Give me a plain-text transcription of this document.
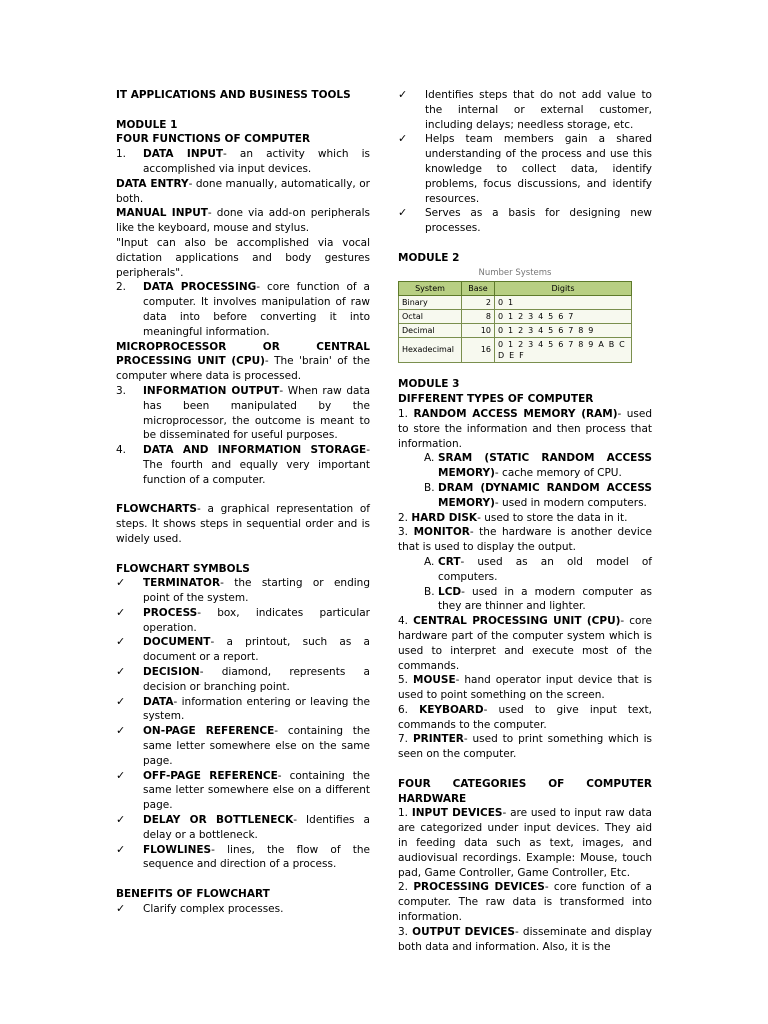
IT APPLICATIONS AND BUSINESS TOOLS

MODULE 1

FOUR FUNCTIONS OF COMPUTER

1.	DATA INPUT- an activity which is accomplished via input devices.

DATA ENTRY- done manually, automatically, or both.

MANUAL INPUT- done via add-on peripherals like the keyboard, mouse and stylus.

"Input can also be accomplished via vocal dictation applications and body gestures peripherals".

2.	DATA PROCESSING- core function of a computer. It involves manipulation of raw data into before converting it into meaningful information.

MICROPROCESSOR OR CENTRAL PROCESSING UNIT (CPU)- The 'brain' of the computer where data is processed.

3.	INFORMATION OUTPUT- When raw data has been manipulated by the microprocessor, the outcome is meant to be disseminated for useful purposes.
4.	DATA AND INFORMATION STORAGE- The fourth and equally very important function of a computer.

FLOWCHARTS- a graphical representation of steps. It shows steps in sequential order and is widely used.

FLOWCHART SYMBOLS

✓	TERMINATOR- the starting or ending point of the system.
✓	PROCESS- box, indicates particular operation.
✓	DOCUMENT- a printout, such as a document or a report.
✓	DECISION- diamond, represents a decision or branching point.
✓	DATA- information entering or leaving the system.
✓	ON-PAGE REFERENCE- containing the same letter somewhere else on the same page.
✓	OFF-PAGE REFERENCE- containing the same letter somewhere else on a different page.
✓	DELAY OR BOTTLENECK- Identifies a delay or a bottleneck.
✓	FLOWLINES- lines, the flow of the sequence and direction of a process.

BENEFITS OF FLOWCHART

✓	Clarify complex processes.
✓	Identifies steps that do not add value to the internal or external customer, including delays; needless storage, etc.
✓	Helps team members gain a shared understanding of the process and use this knowledge to collect data, identify problems, focus discussions, and identify resources.
✓	Serves as a basis for designing new processes.

MODULE 2

Number Systems
System	Base	Digits
Binary	2	0 1
Octal	8	0 1 2 3 4 5 6 7
Decimal	10	0 1 2 3 4 5 6 7 8 9
Hexadecimal	16	0 1 2 3 4 5 6 7 8 9 A B C D E F

MODULE 3

DIFFERENT TYPES OF COMPUTER

1. RANDOM ACCESS MEMORY (RAM)- used to store the information and then process that information.

A. SRAM (STATIC RANDOM ACCESS MEMORY)- cache memory of CPU.
B. DRAM (DYNAMIC RANDOM ACCESS MEMORY)- used in modern computers.

2. HARD DISK- used to store the data in it.

3. MONITOR- the hardware is another device that is used to display the output.

A. CRT- used as an old model of computers.
B. LCD- used in a modern computer as they are thinner and lighter.

4. CENTRAL PROCESSING UNIT (CPU)- core hardware part of the computer system which is used to interpret and execute most of the commands.

5. MOUSE- hand operator input device that is used to point something on the screen.

6. KEYBOARD- used to give input text, commands to the computer.

7. PRINTER- used to print something which is seen on the computer.

FOUR CATEGORIES OF COMPUTER HARDWARE

1. INPUT DEVICES- are used to input raw data are categorized under input devices. They aid in feeding data such as text, images, and audiovisual recordings. Example: Mouse, touch pad, Game Controller, Game Controller, Etc.

2. PROCESSING DEVICES- core function of a computer. The raw data is transformed into information.

3. OUTPUT DEVICES- disseminate and display both data and information. Also, it is the
